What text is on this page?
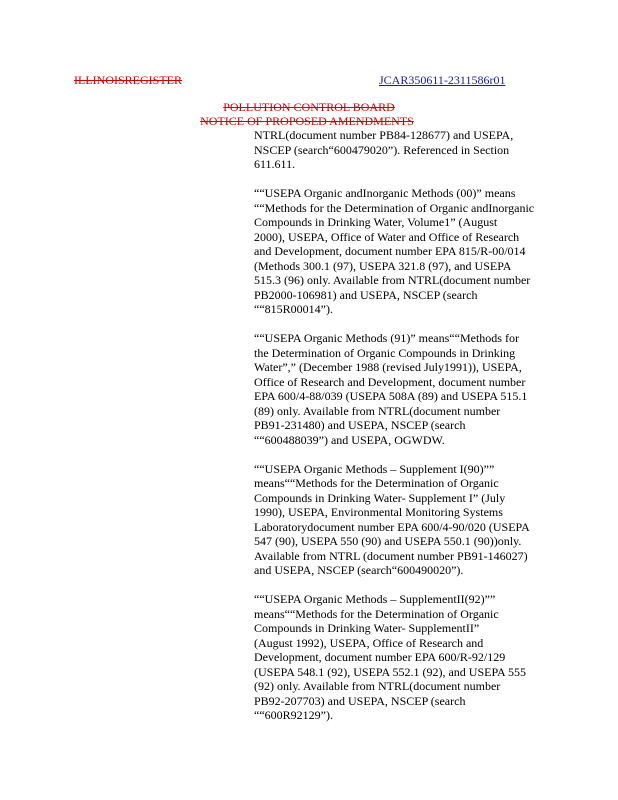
ILLINOISREGISTER	JCAR350611-2311586r01
POLLUTION CONTROL BOARD
NOTICE OF PROPOSED AMENDMENTS

NTRL(document number PB84-128677) and USEPA,
NSCEP (search“600479020”). Referenced in Section
611.611.

““USEPA Organic andInorganic Methods (00)” means
““Methods for the Determination of Organic andInorganic
Compounds in Drinking Water, Volume1” (August
2000), USEPA, Office of Water and Office of Research
and Development, document number EPA 815/R-00/014
(Methods 300.1 (97), USEPA 321.8 (97), and USEPA
515.3 (96) only. Available from NTRL(document number
PB2000-106981) and USEPA, NSCEP (search
““815R00014”).

““USEPA Organic Methods (91)” means““Methods for
the Determination of Organic Compounds in Drinking
Water”,” (December 1988 (revised July1991)), USEPA,
Office of Research and Development, document number
EPA 600/4-88/039 (USEPA 508A (89) and USEPA 515.1
(89) only. Available from NTRL(document number
PB91-231480) and USEPA, NSCEP (search
““600488039”) and USEPA, OGWDW.

““USEPA Organic Methods – Supplement I(90)””
means““Methods for the Determination of Organic
Compounds in Drinking Water- Supplement I” (July
1990), USEPA, Environmental Monitoring Systems
Laboratorydocument number EPA 600/4-90/020 (USEPA
547 (90), USEPA 550 (90) and USEPA 550.1 (90))only.
Available from NTRL (document number PB91-146027)
and USEPA, NSCEP (search“600490020”).

““USEPA Organic Methods – SupplementII(92)””
means““Methods for the Determination of Organic
Compounds in Drinking Water- SupplementII”
(August 1992), USEPA, Office of Research and
Development, document number EPA 600/R-92/129
(USEPA 548.1 (92), USEPA 552.1 (92), and USEPA 555
(92) only. Available from NTRL(document number
PB92-207703) and USEPA, NSCEP (search
““600R92129”).
